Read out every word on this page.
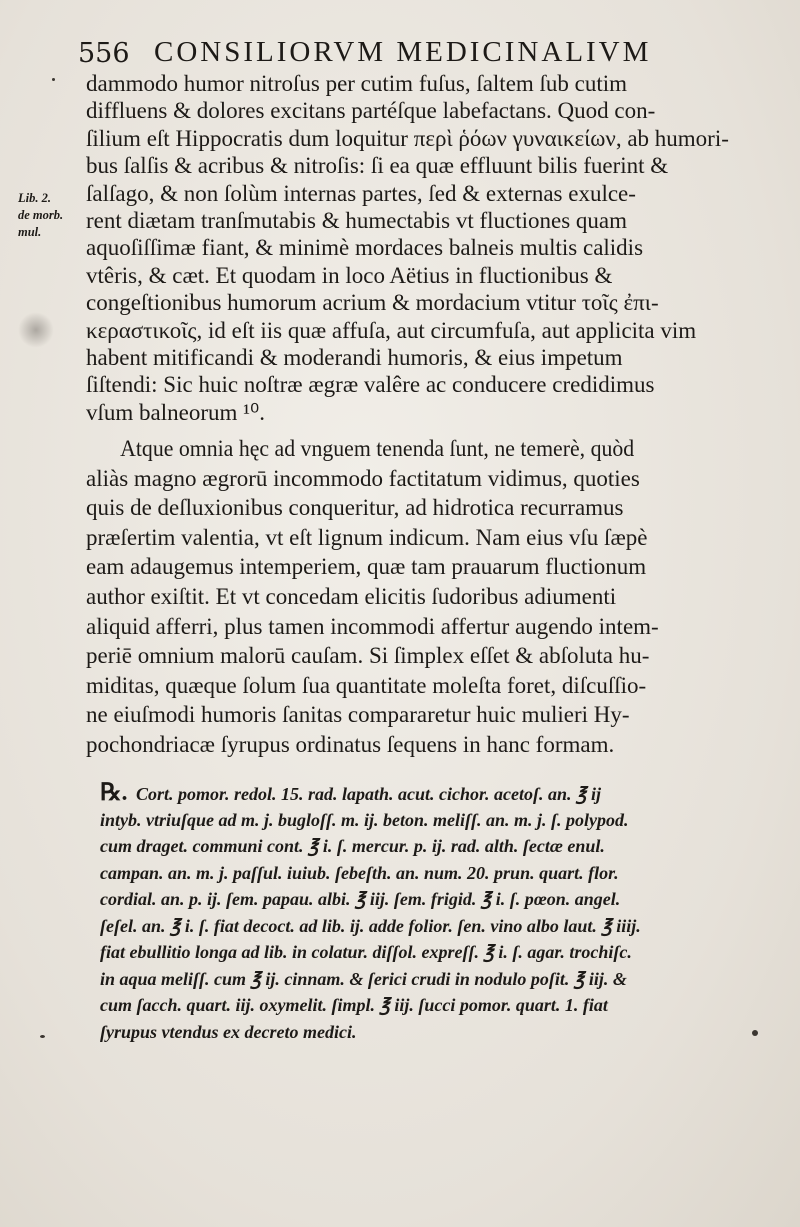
556 CONSILIORVM MEDICINALIVM
Lib. 2.
de morb.
mul.
dammodo humor nitroſus per cutim fuſus, ſaltem ſub cutim
diffluens & dolores excitans partéſque labefactans. Quod con-
ſilium eſt Hippocratis dum loquitur περὶ ῥόων γυναικείων, ab humori-
bus ſalſis & acribus & nitroſis: ſi ea quæ effluunt bilis fuerint &
ſalſago, & non ſolùm internas partes, ſed & externas exulce-
rent diætam tranſmutabis & humectabis vt fluctiones quam
aquoſiſſimæ fiant, & minimè mordaces balneis multis calidis
vtêris, & cæt. Et quodam in loco Aëtius in fluctionibus &
congeſtionibus humorum acrium & mordacium vtitur τοῖς ἐπι-
κεραστικοῖς, id eſt iis quæ affuſa, aut circumfuſa, aut applicita vim
habent mitificandi & moderandi humoris, & eius impetum
ſiſtendi: Sic huic noſtræ ægræ valêre ac conducere credidimus
vſum balneorum ¹⁰.
Atque omnia hęc ad vnguem tenenda ſunt, ne temerè, quòd
aliàs magno ægrorū incommodo factitatum vidimus, quoties
quis de deſluxionibus conqueritur, ad hidrotica recurramus
præſertim valentia, vt eſt lignum indicum. Nam eius vſu ſæpè
eam adaugemus intemperiem, quæ tam prauarum fluctionum
author exiſtit. Et vt concedam elicitis ſudoribus adiumenti
aliquid afferri, plus tamen incommodi affertur augendo intem-
periē omnium malorū cauſam. Si ſimplex eſſet & abſoluta hu-
miditas, quæque ſolum ſua quantitate moleſta foret, diſcuſſio-
ne eiuſmodi humoris ſanitas compararetur huic mulieri Hy-
pochondriacæ ſyrupus ordinatus ſequens in hanc formam.
℞. Cort. pomor. redol. 15. rad. lapath. acut. cichor. acetoſ. an. ℥ ij
intyb. vtriuſque ad m. j. bugloſſ. m. ij. beton. meliſſ. an. m. j. ſ. polypod.
cum draget. communi cont. ℥ i. ſ. mercur. p. ij. rad. alth. ſectæ enul.
campan. an. m. j. paſſul. iuiub. ſebeſth. an. num. 20. prun. quart. flor.
cordial. an. p. ij. ſem. papau. albi. ℥ iij. ſem. frigid. ℥ i. ſ. pœon. angel.
ſeſel. an. ℥ i. ſ. fiat decoct. ad lib. ij. adde folior. ſen. vino albo laut. ℥ iiij.
fiat ebullitio longa ad lib. in colatur. diſſol. expreſſ. ℥ i. ſ. agar. trochiſc.
in aqua meliſſ. cum ℥ ij. cinnam. & ſerici crudi in nodulo poſit. ℥ iij. &
cum ſacch. quart. iij. oxymelit. ſimpl. ℥ iij. ſucci pomor. quart. 1. fiat
ſyrupus vtendus ex decreto medici.
